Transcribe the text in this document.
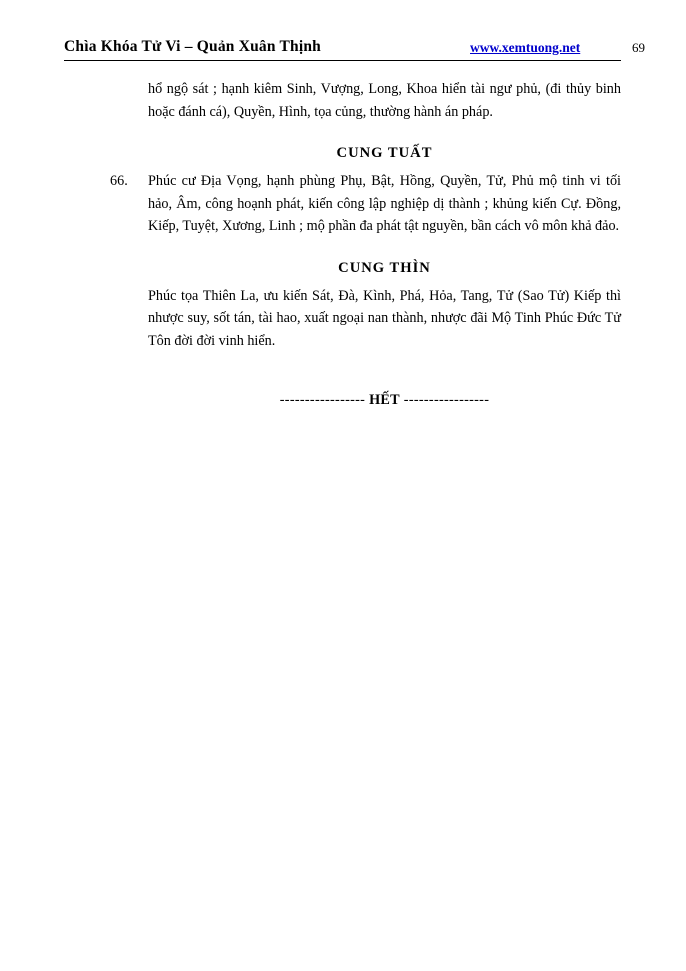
Chìa Khóa Tử Vi – Quản Xuân Thịnh	www.xemtuong.net	69

hổ ngộ sát ; hạnh kiêm Sinh, Vượng, Long, Khoa hiển tài ngư phủ, (đi thủy binh hoặc đánh cá), Quyền, Hình, tọa củng, thường hành án pháp.

CUNG TUẤT
66. Phúc cư Địa Vọng, hạnh phùng Phụ, Bật, Hồng, Quyền, Tử, Phủ mộ tinh vi tối hảo, Âm, công hoạnh phát, kiến công lập nghiệp dị thành ; khủng kiến Cự. Đồng, Kiếp, Tuyệt, Xương, Linh ; mộ phần đa phát tật nguyền, bần cách vô môn khả đảo.

CUNG THÌN

Phúc tọa Thiên La, ưu kiến Sát, Đà, Kình, Phá, Hỏa, Tang, Tử (Sao Tử) Kiếp thì nhược suy, sốt tán, tài hao, xuất ngoại nan thành, nhược đãi Mộ Tinh Phúc Đức Tử Tôn đời đời vinh hiển.

----------------- HẾT -----------------
